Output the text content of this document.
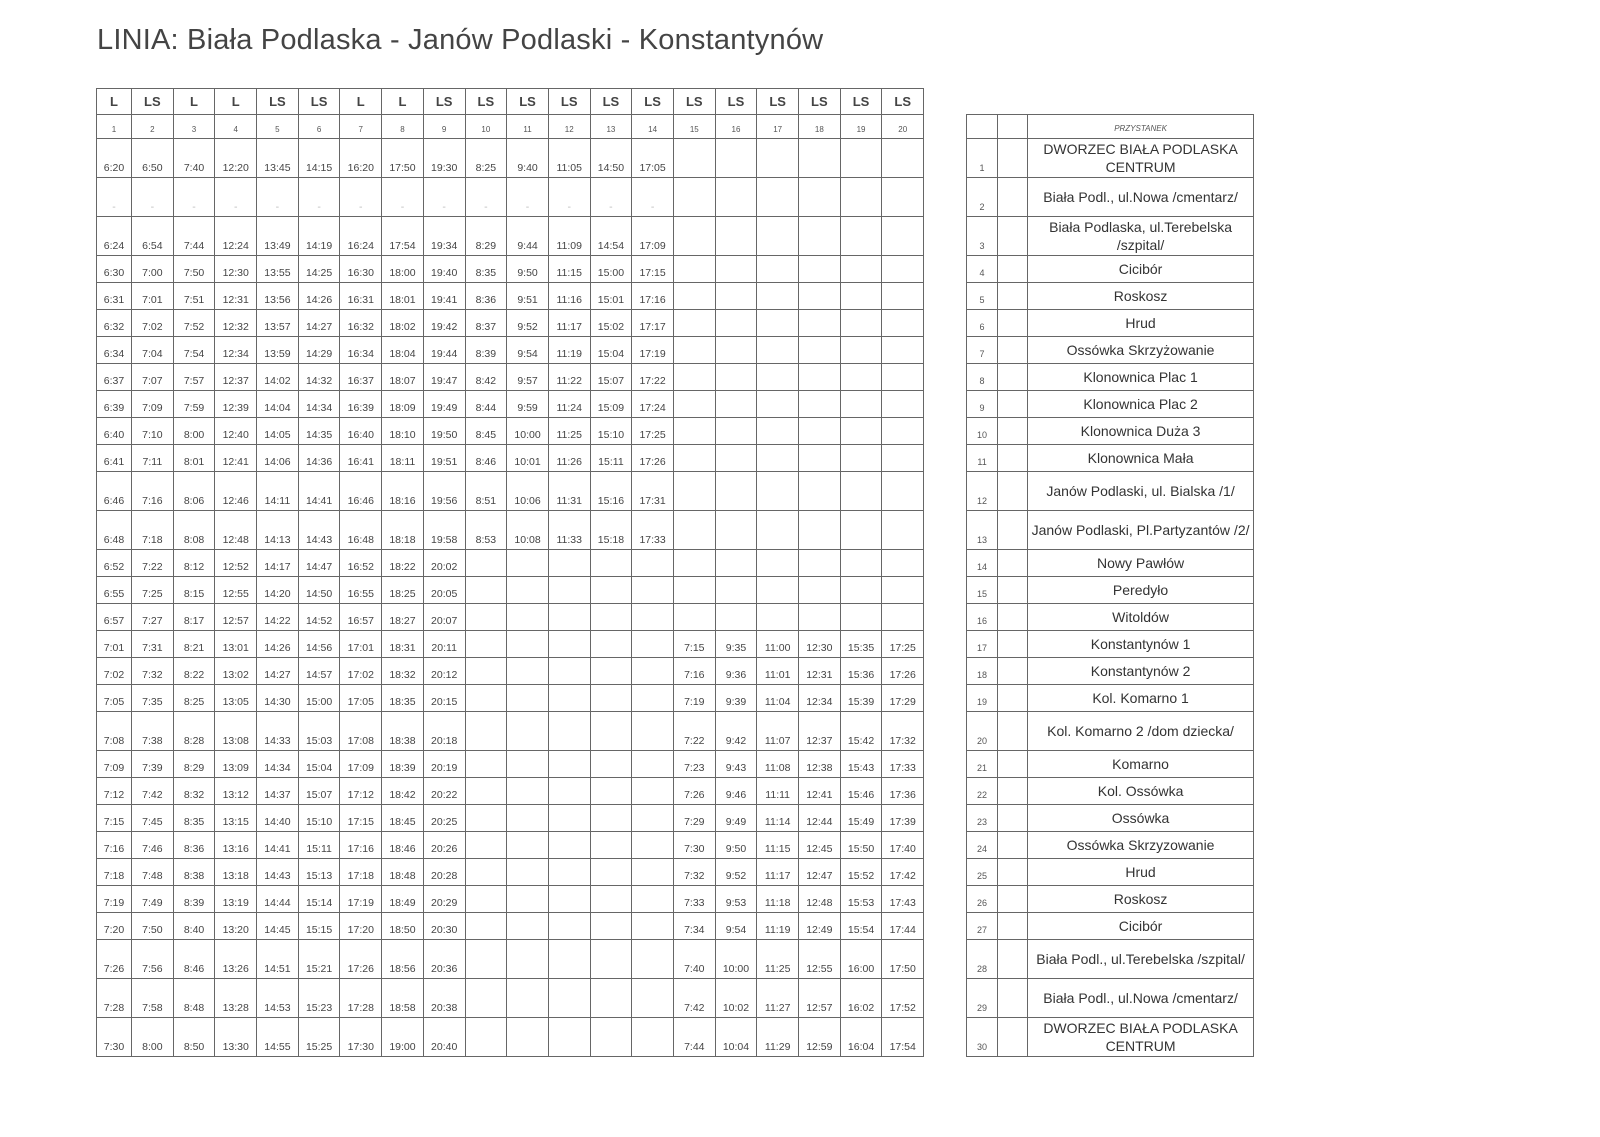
LINIA: Biała Podlaska - Janów Podlaski - Konstantynów
L	LS	L	L	LS	LS	L	L	LS	LS	LS	LS	LS	LS	LS	LS	LS	LS	LS	LS					
1	2	3	4	5	6	7	8	9	10	11	12	13	14	15	16	17	18	19	20				PRZYSTANEK	
6:20	6:50	7:40	12:20	13:45	14:15	16:20	17:50	19:30	8:25	9:40	11:05	14:50	17:05								1		DWORZEC BIAŁA PODLASKA CENTRUM	
-	-	-	-	-	-	-	-	-	-	-	-	-	-								2		Biała Podl., ul.Nowa /cmentarz/	
6:24	6:54	7:44	12:24	13:49	14:19	16:24	17:54	19:34	8:29	9:44	11:09	14:54	17:09								3		Biała Podlaska, ul.Terebelska /szpital/	
6:30	7:00	7:50	12:30	13:55	14:25	16:30	18:00	19:40	8:35	9:50	11:15	15:00	17:15								4		Cicibór	
6:31	7:01	7:51	12:31	13:56	14:26	16:31	18:01	19:41	8:36	9:51	11:16	15:01	17:16								5		Roskosz	
6:32	7:02	7:52	12:32	13:57	14:27	16:32	18:02	19:42	8:37	9:52	11:17	15:02	17:17								6		Hrud	
6:34	7:04	7:54	12:34	13:59	14:29	16:34	18:04	19:44	8:39	9:54	11:19	15:04	17:19								7		Ossówka Skrzyżowanie	
6:37	7:07	7:57	12:37	14:02	14:32	16:37	18:07	19:47	8:42	9:57	11:22	15:07	17:22								8		Klonownica Plac 1	
6:39	7:09	7:59	12:39	14:04	14:34	16:39	18:09	19:49	8:44	9:59	11:24	15:09	17:24								9		Klonownica Plac 2	
6:40	7:10	8:00	12:40	14:05	14:35	16:40	18:10	19:50	8:45	10:00	11:25	15:10	17:25								10		Klonownica Duża 3	
6:41	7:11	8:01	12:41	14:06	14:36	16:41	18:11	19:51	8:46	10:01	11:26	15:11	17:26								11		Klonownica Mała	
6:46	7:16	8:06	12:46	14:11	14:41	16:46	18:16	19:56	8:51	10:06	11:31	15:16	17:31								12		Janów Podlaski, ul. Bialska /1/	
6:48	7:18	8:08	12:48	14:13	14:43	16:48	18:18	19:58	8:53	10:08	11:33	15:18	17:33								13		Janów Podlaski, Pl.Partyzantów /2/	
6:52	7:22	8:12	12:52	14:17	14:47	16:52	18:22	20:02													14		Nowy Pawłów	
6:55	7:25	8:15	12:55	14:20	14:50	16:55	18:25	20:05													15		Peredyło	
6:57	7:27	8:17	12:57	14:22	14:52	16:57	18:27	20:07													16		Witoldów	
7:01	7:31	8:21	13:01	14:26	14:56	17:01	18:31	20:11						7:15	9:35	11:00	12:30	15:35	17:25		17		Konstantynów 1	
7:02	7:32	8:22	13:02	14:27	14:57	17:02	18:32	20:12						7:16	9:36	11:01	12:31	15:36	17:26		18		Konstantynów 2	
7:05	7:35	8:25	13:05	14:30	15:00	17:05	18:35	20:15						7:19	9:39	11:04	12:34	15:39	17:29		19		Kol. Komarno 1	
7:08	7:38	8:28	13:08	14:33	15:03	17:08	18:38	20:18						7:22	9:42	11:07	12:37	15:42	17:32		20		Kol. Komarno 2 /dom dziecka/	
7:09	7:39	8:29	13:09	14:34	15:04	17:09	18:39	20:19						7:23	9:43	11:08	12:38	15:43	17:33		21		Komarno	
7:12	7:42	8:32	13:12	14:37	15:07	17:12	18:42	20:22						7:26	9:46	11:11	12:41	15:46	17:36		22		Kol. Ossówka	
7:15	7:45	8:35	13:15	14:40	15:10	17:15	18:45	20:25						7:29	9:49	11:14	12:44	15:49	17:39		23		Ossówka	
7:16	7:46	8:36	13:16	14:41	15:11	17:16	18:46	20:26						7:30	9:50	11:15	12:45	15:50	17:40		24		Ossówka Skrzyzowanie	
7:18	7:48	8:38	13:18	14:43	15:13	17:18	18:48	20:28						7:32	9:52	11:17	12:47	15:52	17:42		25		Hrud	
7:19	7:49	8:39	13:19	14:44	15:14	17:19	18:49	20:29						7:33	9:53	11:18	12:48	15:53	17:43		26		Roskosz	
7:20	7:50	8:40	13:20	14:45	15:15	17:20	18:50	20:30						7:34	9:54	11:19	12:49	15:54	17:44		27		Cicibór	
7:26	7:56	8:46	13:26	14:51	15:21	17:26	18:56	20:36						7:40	10:00	11:25	12:55	16:00	17:50		28		Biała Podl., ul.Terebelska /szpital/	
7:28	7:58	8:48	13:28	14:53	15:23	17:28	18:58	20:38						7:42	10:02	11:27	12:57	16:02	17:52		29		Biała Podl., ul.Nowa /cmentarz/	
7:30	8:00	8:50	13:30	14:55	15:25	17:30	19:00	20:40						7:44	10:04	11:29	12:59	16:04	17:54		30		DWORZEC BIAŁA PODLASKA CENTRUM	
